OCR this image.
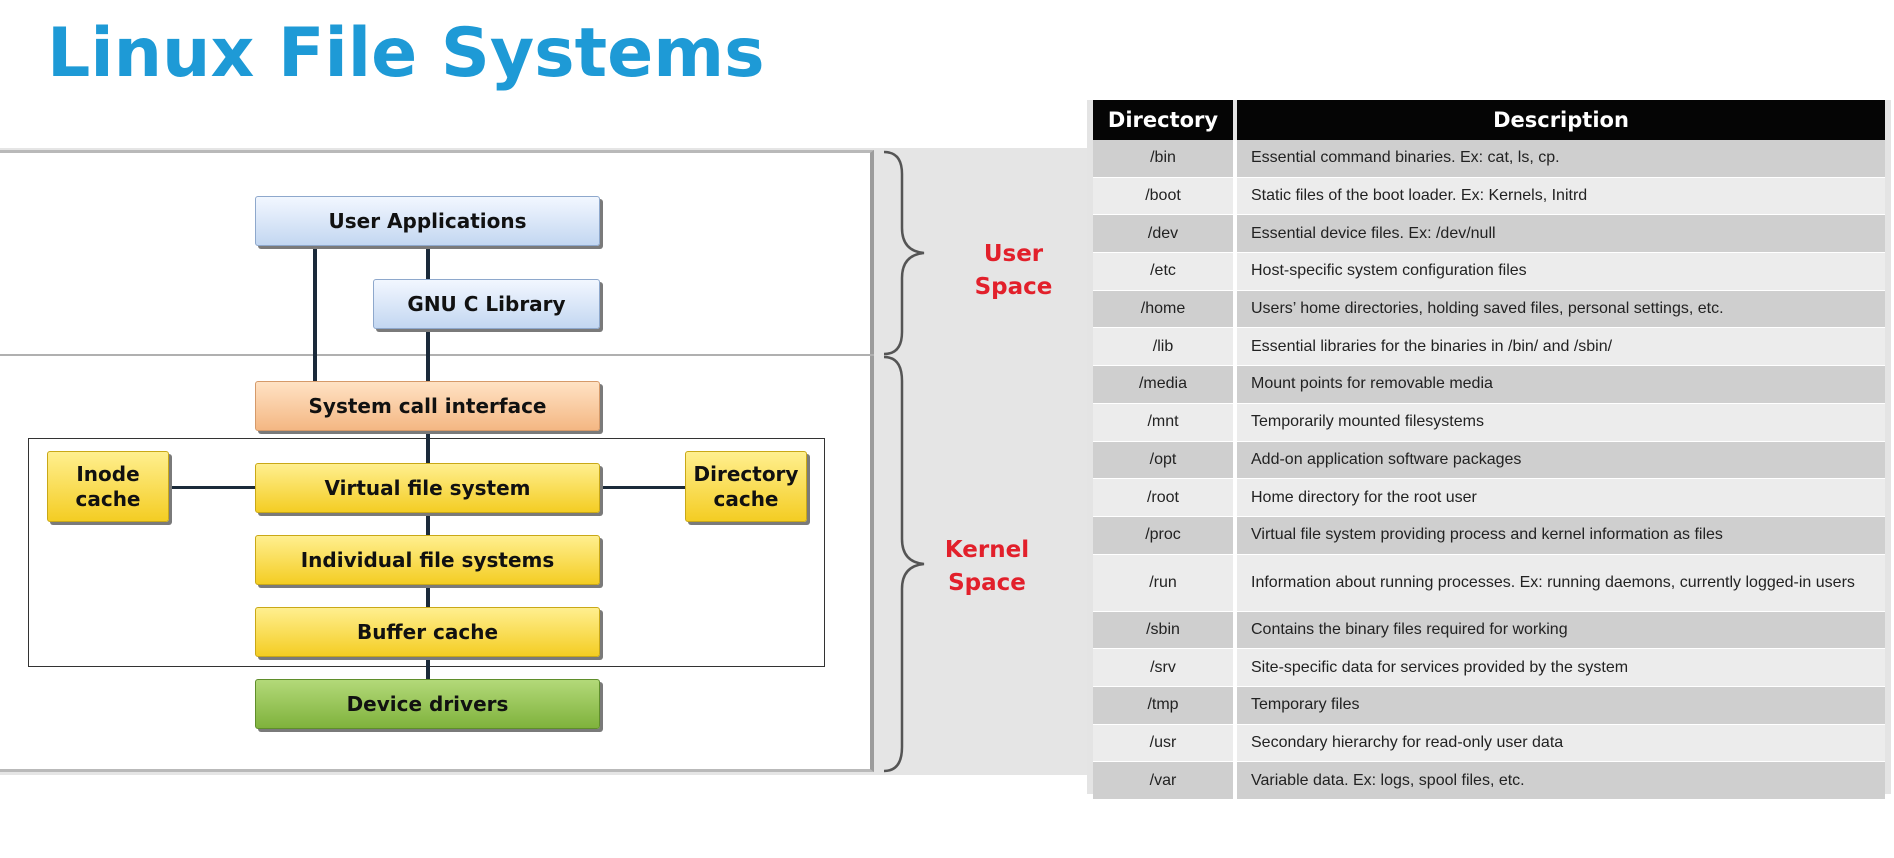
Linux File Systems
User Applications
GNU C Library
System call interface
Inode cache	Virtual file system
Directory cache
Individual file systems
Buffer cache
Device drivers
User Space
Kernel Space
Directory	Description
/bin	Essential command binaries. Ex: cat, ls, cp.
/boot	Static files of the boot loader. Ex: Kernels, Initrd
/dev	Essential device files. Ex: /dev/null
/etc	Host-specific system configuration files
/home	Users’ home directories, holding saved files, personal settings, etc.
/lib	Essential libraries for the binaries in /bin/ and /sbin/
/media	Mount points for removable media
/mnt	Temporarily mounted filesystems
/opt	Add-on application software packages
/root	Home directory for the root user
/proc	Virtual file system providing process and kernel information as files
/run	Information about running processes. Ex: running daemons, currently logged-in users
/sbin	Contains the binary files required for working
/srv	Site-specific data for services provided by the system
/tmp	Temporary files
/usr	Secondary hierarchy for read-only user data
/var	Variable data. Ex: logs, spool files, etc.
